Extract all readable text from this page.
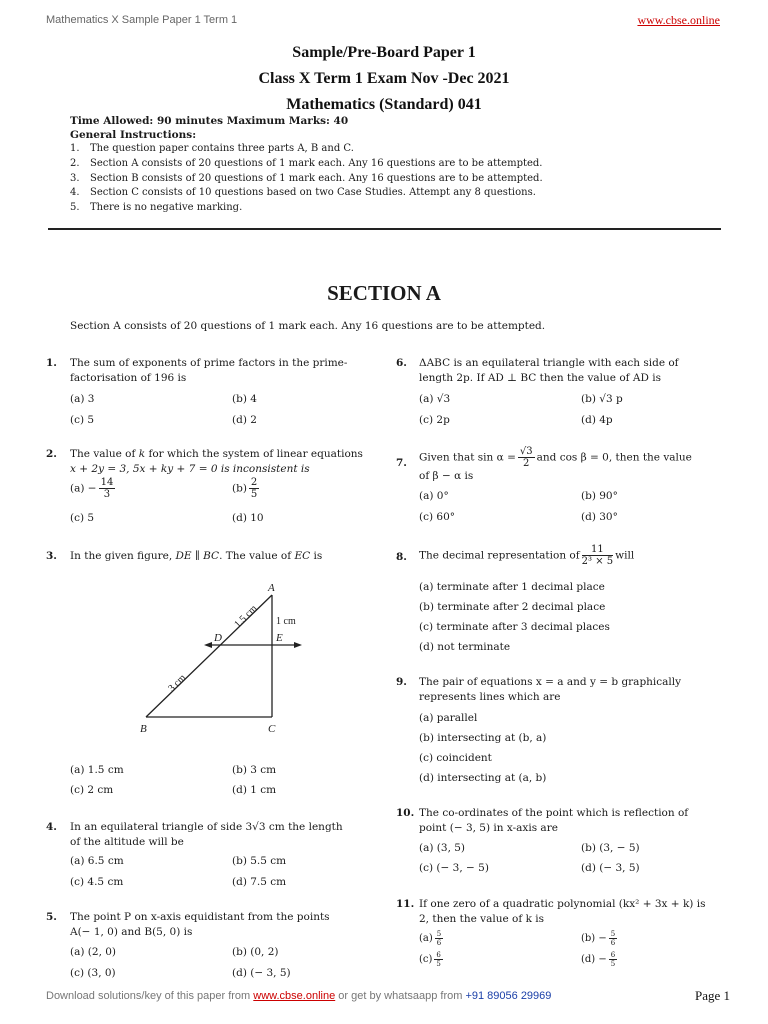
Mathematics X Sample Paper 1 Term 1	www.cbse.online
Sample/Pre-Board Paper 1
Class X Term 1 Exam Nov -Dec 2021
Mathematics (Standard) 041
Time Allowed: 90 minutes Maximum Marks: 40
General Instructions:
1. The question paper contains three parts A, B and C.
2. Section A consists of 20 questions of 1 mark each. Any 16 questions are to be attempted.
3. Section B consists of 20 questions of 1 mark each. Any 16 questions are to be attempted.
4. Section C consists of 10 questions based on two Case Studies. Attempt any 8 questions.
5. There is no negative marking.
SECTION A
Section A consists of 20 questions of 1 mark each. Any 16 questions are to be attempted.
1. The sum of exponents of prime factors in the prime-
factorisation of 196 is
(a) 3	(b) 4
(c) 5	(d) 2
2. The value of k for which the system of linear equations
x + 2y = 3, 5x + ky + 7 = 0 is inconsistent is
$(a) - \frac{14}{3}$	$(b) \frac{2}{5}$
(c) 5	(d) 10
3. In the given figure, DE ∥ BC. The value of EC is
A
B	C
D	E
1 cm
1.5 cm
3 cm
(a) 1.5 cm	(b) 3 cm
(c) 2 cm	(d) 1 cm
4. In an equilateral triangle of side 3√3 cm the length
of the altitude will be
(a) 6.5 cm	(b) 5.5 cm
(c) 4.5 cm	(d) 7.5 cm
5. The point P on x-axis equidistant from the points
A(− 1, 0) and B(5, 0) is
(a) (2, 0)	(b) (0, 2)
(c) (3, 0)	(d) (− 3, 5)
6. ΔABC is an equilateral triangle with each side of
length 2p. If AD ⊥ BC then the value of AD is
(a) √3	(b) √3 p
(c) 2p	(d) 4p
7. Given that $\sin \alpha = \frac{√3}{2}$ and cos β = 0, then the value
of β − α is
(a) 0°	(b) 90°
(c) 60°	(d) 30°
8. The decimal representation of $\frac{11}{\text{2³ × 5}}$ will
(a) terminate after 1 decimal place
(b) terminate after 2 decimal place
(c) terminate after 3 decimal places
(d) not terminate
9. The pair of equations x = a and y = b graphically
represents lines which are
(a) parallel
(b) intersecting at (b, a)
(c) coincident
(d) intersecting at (a, b)
10. The co-ordinates of the point which is reflection of
point (− 3, 5) in x-axis are
(a) (3, 5)	(b) (3, − 5)
(c) (− 3, − 5)	(d) (− 3, 5)
11. If one zero of a quadratic polynomial (kx² + 3x + k) is
2, then the value of k is
$(a) \frac{5}{6}$	$(b) - \frac{5}{6}$
$(c) \frac{6}{5}$	$(d) - \frac{6}{5}$
Download solutions/key of this paper from www.cbse.online or get by whatsaapp from +91 89056 29969	Page 1
